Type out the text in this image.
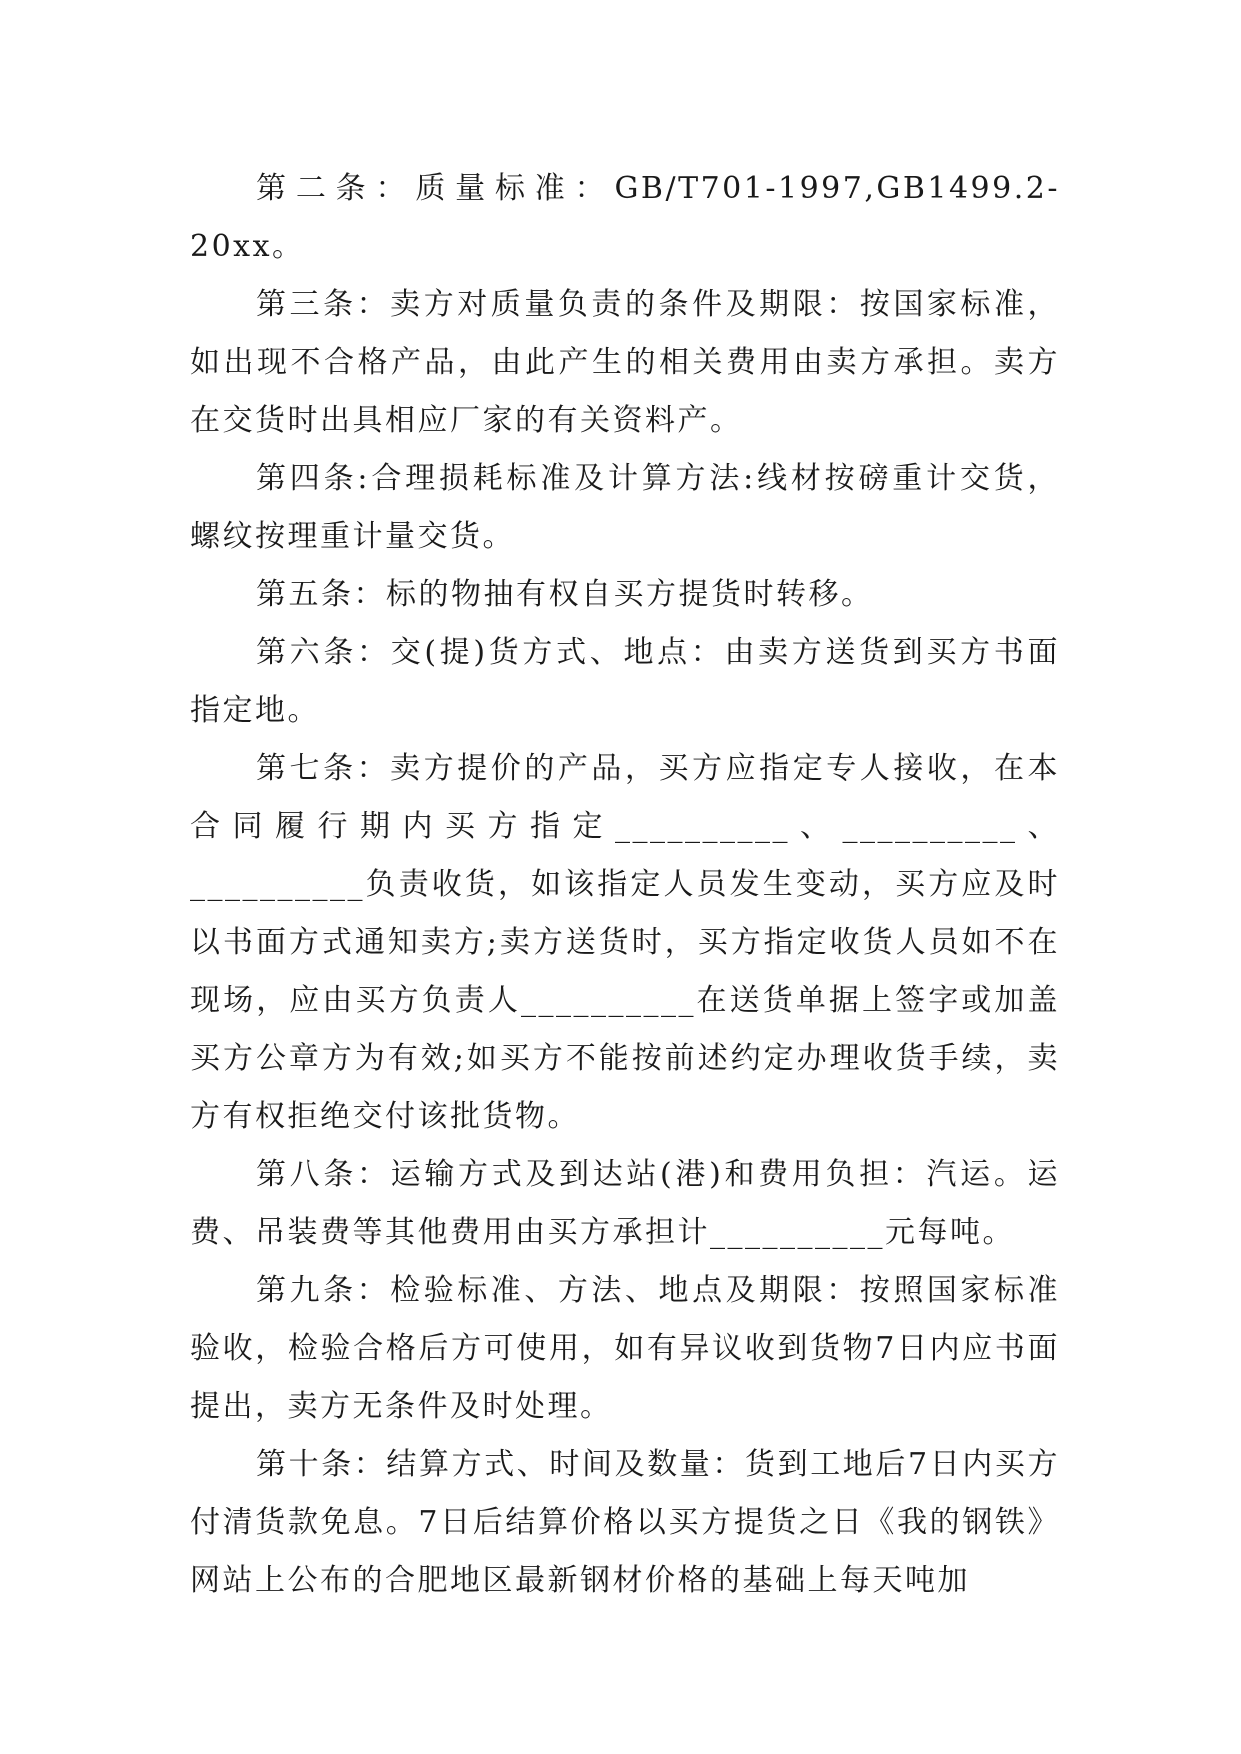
第二条：质量标准：GB/T701-1997,GB1499.2-20xx。

第三条：卖方对质量负责的条件及期限：按国家标准，如出现不合格产品，由此产生的相关费用由卖方承担。卖方在交货时出具相应厂家的有关资料产。

第四条:合理损耗标准及计算方法:线材按磅重计交货，螺纹按理重计量交货。

第五条：标的物抽有权自买方提货时转移。

第六条：交(提)货方式、地点：由卖方送货到买方书面指定地。

第七条：卖方提价的产品，买方应指定专人接收，在本合同履行期内买方指定__________、__________、__________负责收货，如该指定人员发生变动，买方应及时以书面方式通知卖方;卖方送货时，买方指定收货人员如不在现场，应由买方负责人__________在送货单据上签字或加盖买方公章方为有效;如买方不能按前述约定办理收货手续，卖方有权拒绝交付该批货物。

第八条：运输方式及到达站(港)和费用负担：汽运。运费、吊装费等其他费用由买方承担计__________元每吨。

第九条：检验标准、方法、地点及期限：按照国家标准验收，检验合格后方可使用，如有异议收到货物7日内应书面提出，卖方无条件及时处理。

第十条：结算方式、时间及数量：货到工地后7日内买方付清货款免息。7日后结算价格以买方提货之日《我的钢铁》网站上公布的合肥地区最新钢材价格的基础上每天吨加
